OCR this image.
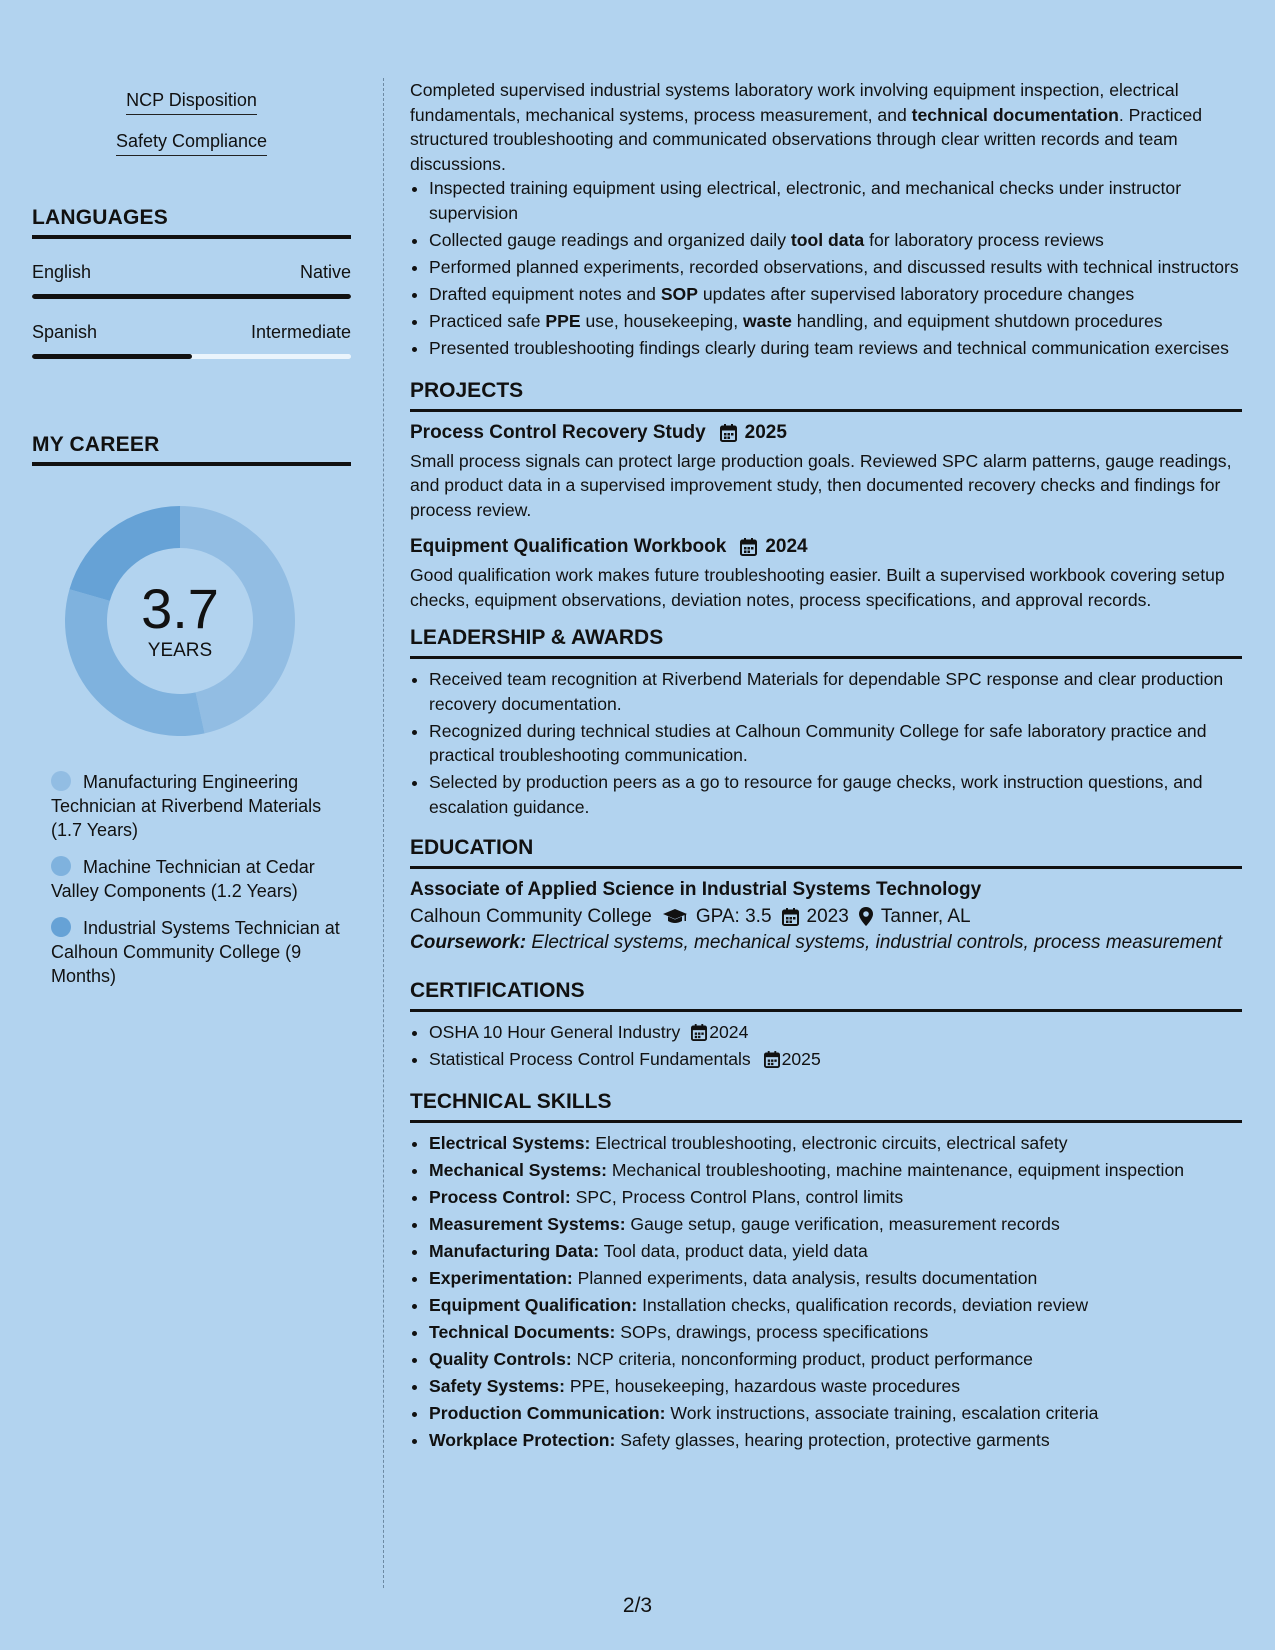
NCP Disposition
Safety Compliance
LANGUAGES
English	Native
Spanish	Intermediate
MY CAREER
3.7
YEARS
Manufacturing Engineering Technician at Riverbend Materials (1.7 Years)
Machine Technician at Cedar Valley Components (1.2 Years)
Industrial Systems Technician at Calhoun Community College (9 Months)

Completed supervised industrial systems laboratory work involving equipment inspection, electrical fundamentals, mechanical systems, process measurement, and technical documentation. Practiced structured troubleshooting and communicated observations through clear written records and team discussions.

• Inspected training equipment using electrical, electronic, and mechanical checks under instructor supervision
• Collected gauge readings and organized daily tool data for laboratory process reviews
• Performed planned experiments, recorded observations, and discussed results with technical instructors
• Drafted equipment notes and SOP updates after supervised laboratory procedure changes
• Practiced safe PPE use, housekeeping, waste handling, and equipment shutdown procedures
• Presented troubleshooting findings clearly during team reviews and technical communication exercises
PROJECTS
Process Control Recovery Study 2025

Small process signals can protect large production goals. Reviewed SPC alarm patterns, gauge readings, and product data in a supervised improvement study, then documented recovery checks and findings for process review.

Equipment Qualification Workbook 2024

Good qualification work makes future troubleshooting easier. Built a supervised workbook covering setup checks, equipment observations, deviation notes, process specifications, and approval records.

LEADERSHIP & AWARDS
• Received team recognition at Riverbend Materials for dependable SPC response and clear production recovery documentation.
• Recognized during technical studies at Calhoun Community College for safe laboratory practice and practical troubleshooting communication.
• Selected by production peers as a go to resource for gauge checks, work instruction questions, and escalation guidance.
EDUCATION
Associate of Applied Science in Industrial Systems Technology
Calhoun Community College GPA: 3.5 2023 Tanner, AL
Coursework: Electrical systems, mechanical systems, industrial controls, process measurement
CERTIFICATIONS
• OSHA 10 Hour General Industry 2024
• Statistical Process Control Fundamentals 2025
TECHNICAL SKILLS
• Electrical Systems: Electrical troubleshooting, electronic circuits, electrical safety
• Mechanical Systems: Mechanical troubleshooting, machine maintenance, equipment inspection
• Process Control: SPC, Process Control Plans, control limits
• Measurement Systems: Gauge setup, gauge verification, measurement records
• Manufacturing Data: Tool data, product data, yield data
• Experimentation: Planned experiments, data analysis, results documentation
• Equipment Qualification: Installation checks, qualification records, deviation review
• Technical Documents: SOPs, drawings, process specifications
• Quality Controls: NCP criteria, nonconforming product, product performance
• Safety Systems: PPE, housekeeping, hazardous waste procedures
• Production Communication: Work instructions, associate training, escalation criteria
• Workplace Protection: Safety glasses, hearing protection, protective garments
2/3
